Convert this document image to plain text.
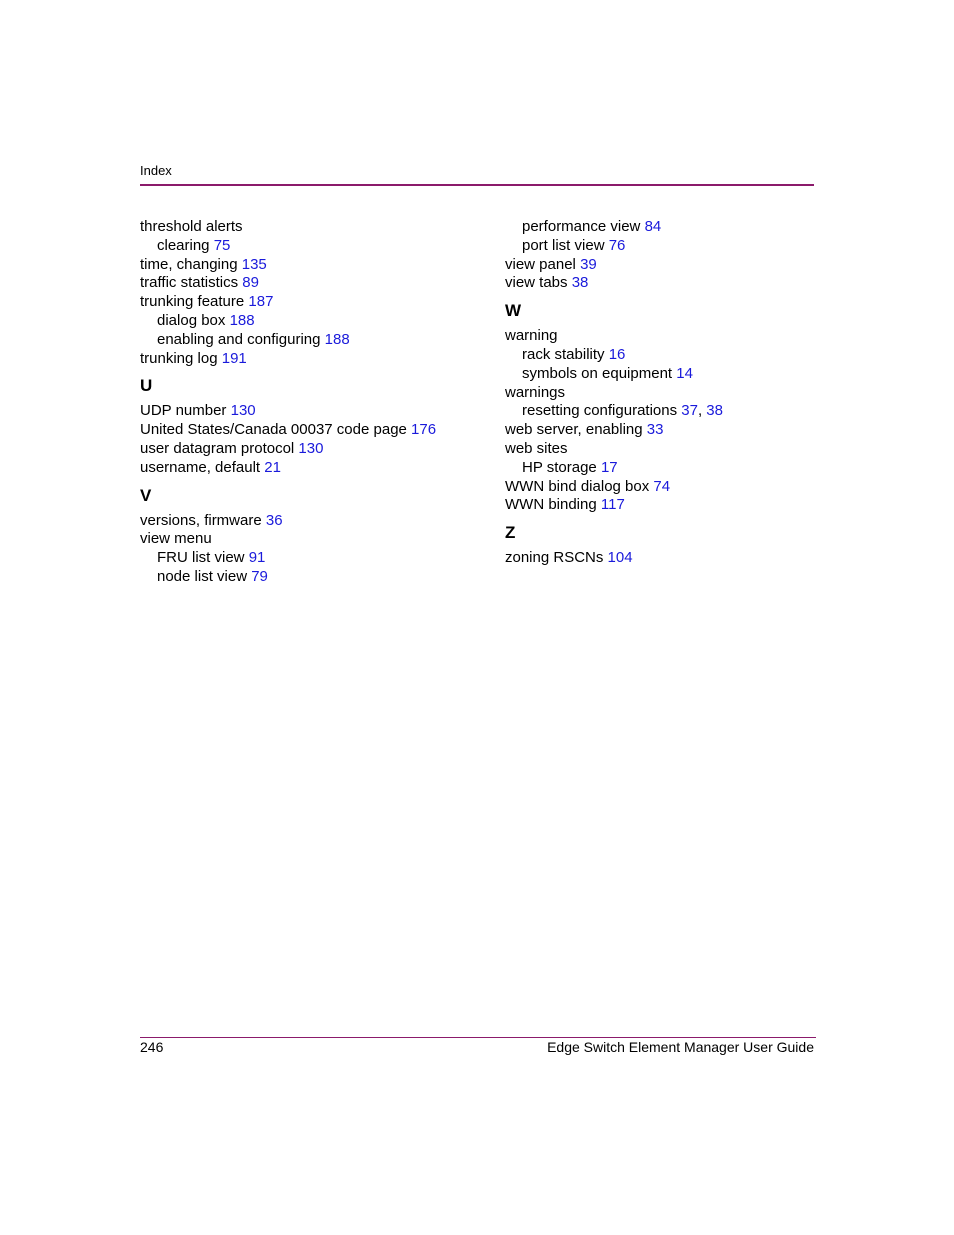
Index
threshold alerts
clearing 75
time, changing 135
traffic statistics 89
trunking feature 187
dialog box 188
enabling and configuring 188
trunking log 191
U
UDP number 130
United States/Canada 00037 code page 176
user datagram protocol 130
username, default 21
V
versions, firmware 36
view menu
FRU list view 91
node list view 79
performance view 84
port list view 76
view panel 39
view tabs 38
W
warning
rack stability 16
symbols on equipment 14
warnings
resetting configurations 37, 38
web server, enabling 33
web sites
HP storage 17
WWN bind dialog box 74
WWN binding 117
Z
zoning RSCNs 104
246	Edge Switch Element Manager User Guide
